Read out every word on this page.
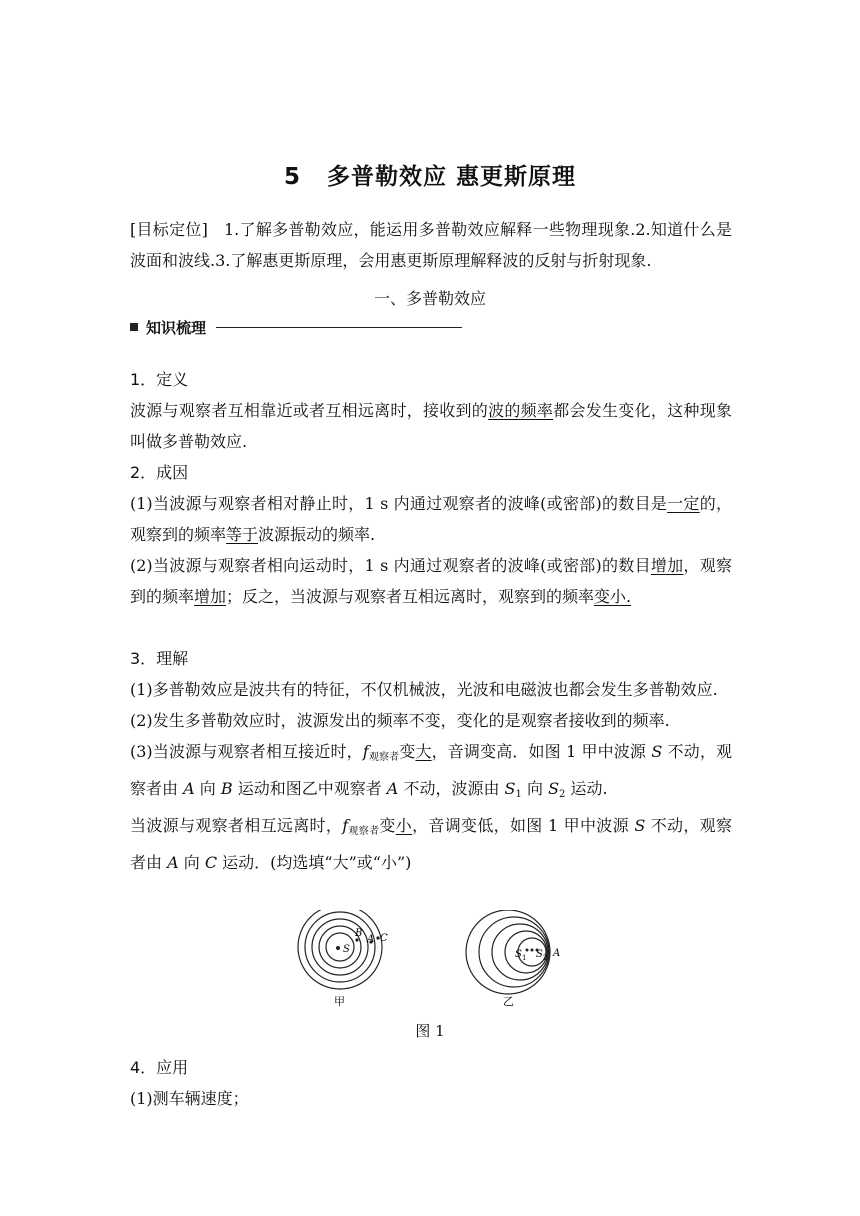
5 多普勒效应 惠更斯原理
[目标定位] 1.了解多普勒效应，能运用多普勒效应解释一些物理现象.2.知道什么是波面和波线.3.了解惠更斯原理，会用惠更斯原理解释波的反射与折射现象.
一、多普勒效应
知识梳理
1．定义
波源与观察者互相靠近或者互相远离时，接收到的波的频率都会发生变化，这种现象叫做多普勒效应.
2．成因
(1)当波源与观察者相对静止时，1 s 内通过观察者的波峰(或密部)的数目是一定的，观察到的频率等于波源振动的频率.
(2)当波源与观察者相向运动时，1 s 内通过观察者的波峰(或密部)的数目增加，观察到的频率增加；反之，当波源与观察者互相远离时，观察到的频率变小.
3．理解
(1)多普勒效应是波共有的特征，不仅机械波，光波和电磁波也都会发生多普勒效应.
(2)发生多普勒效应时，波源发出的频率不变，变化的是观察者接收到的频率.
(3)当波源与观察者相互接近时，$f_{观察者}$变大，音调变高．如图 1 甲中波源 S 不动，观察者由 A 向 B 运动和图乙中观察者 A 不动，波源由 $S_1$ 向 $S_2$ 运动.
当波源与观察者相互远离时，$f_{观察者}$变小，音调变低，如图 1 甲中波源 S 不动，观察者由 A 向 C 运动．(均选填“大”或“小”)
S
B
A C
甲
S 1 S 2 A
乙
图 1
4．应用
(1)测车辆速度；
